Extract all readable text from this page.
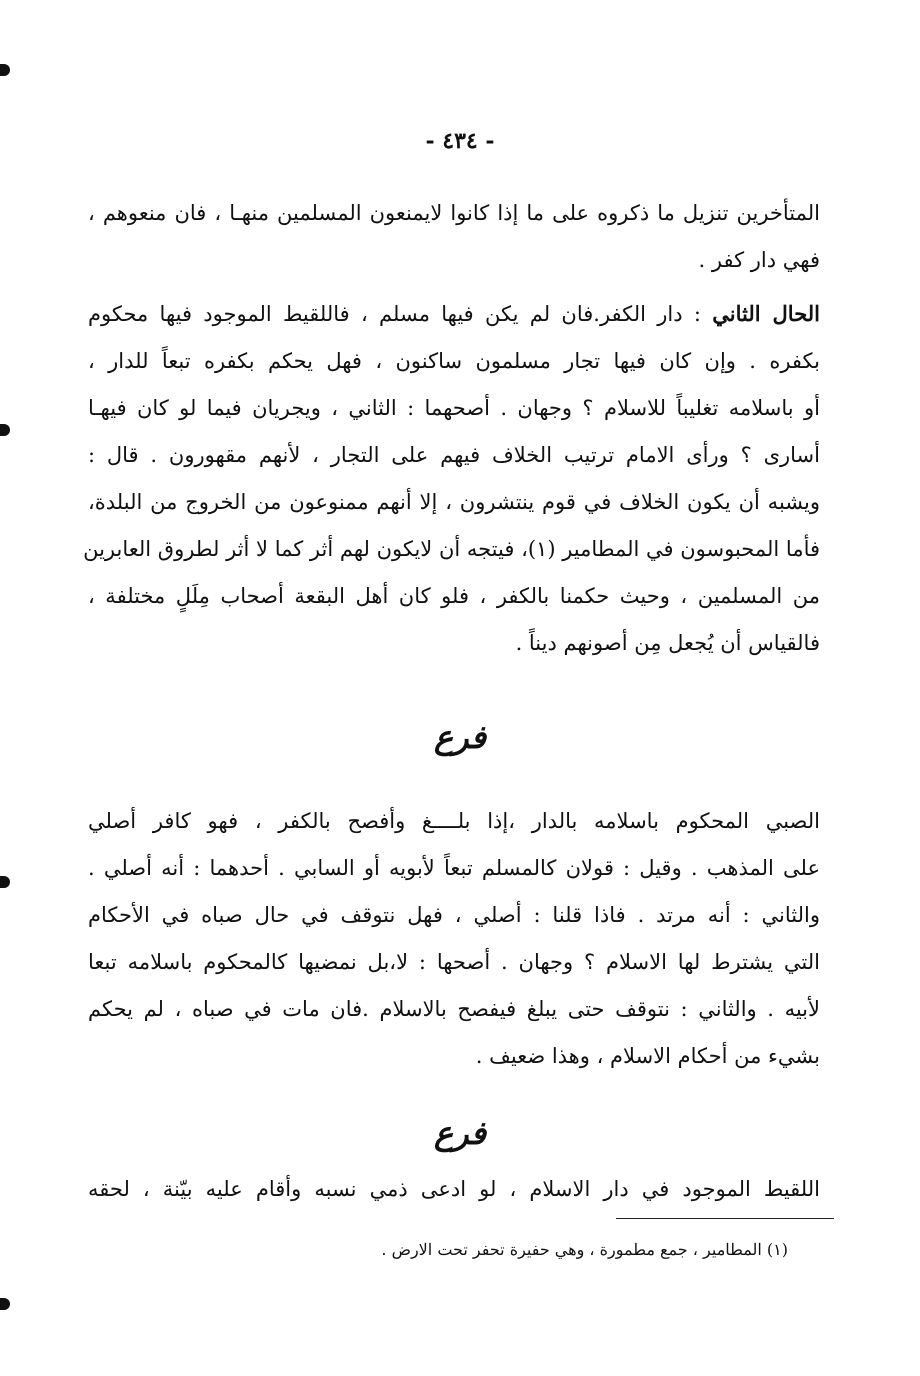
- ٤٣٤ -
المتأخرين تنزيل ما ذكروه على ما إذا كانوا لايمنعون المسلمين منهـا ، فان منعوهم ،
فهي دار كفر .
الحال الثاني : دار الكفر.فان لم يكن فيها مسلم ، فاللقيط الموجود فيها محكوم
بكفره . وإن كان فيها تجار مسلمون ساكنون ، فهل يحكم بكفره تبعاً للدار ،
أو باسلامه تغليباً للاسلام ؟ وجهان . أصحهما : الثاني ، ويجريان فيما لو كان فيهـا
أسارى ؟ ورأى الامام ترتيب الخلاف فيهم على التجار ، لأنهم مقهورون . قال :
ويشبه أن يكون الخلاف في قوم ينتشرون ، إلا أنهم ممنوعون من الخروج من البلدة،
فأما المحبوسون في المطامير (١)، فيتجه أن لايكون لهم أثر كما لا أثر لطروق العابرين
من المسلمين ، وحيث حكمنا بالكفر ، فلو كان أهل البقعة أصحاب مِلَلٍ مختلفة ،
فالقياس أن يُجعل مِن أصونهم ديناً .
فرع
الصبي المحكوم باسلامه بالدار ،إذا بلــــغ وأفصح بالكفر ، فهو كافر أصلي
على المذهب . وقيل : قولان كالمسلم تبعاً لأبويه أو السابي . أحدهما : أنه أصلي .
والثاني : أنه مرتد . فاذا قلنا : أصلي ، فهل نتوقف في حال صباه في الأحكام
التي يشترط لها الاسلام ؟ وجهان . أصحها : لا،بل نمضيها كالمحكوم باسلامه تبعا
لأبيه . والثاني : نتوقف حتى يبلغ فيفصح بالاسلام .فان مات في صباه ، لم يحكم
بشيء من أحكام الاسلام ، وهذا ضعيف .
فرع
اللقيط الموجود في دار الاسلام ، لو ادعى ذمي نسبه وأقام عليه بيّنة ، لحقه
(١) المطامير ، جمع مطمورة ، وهي حفيرة تحفر تحت الارض .
